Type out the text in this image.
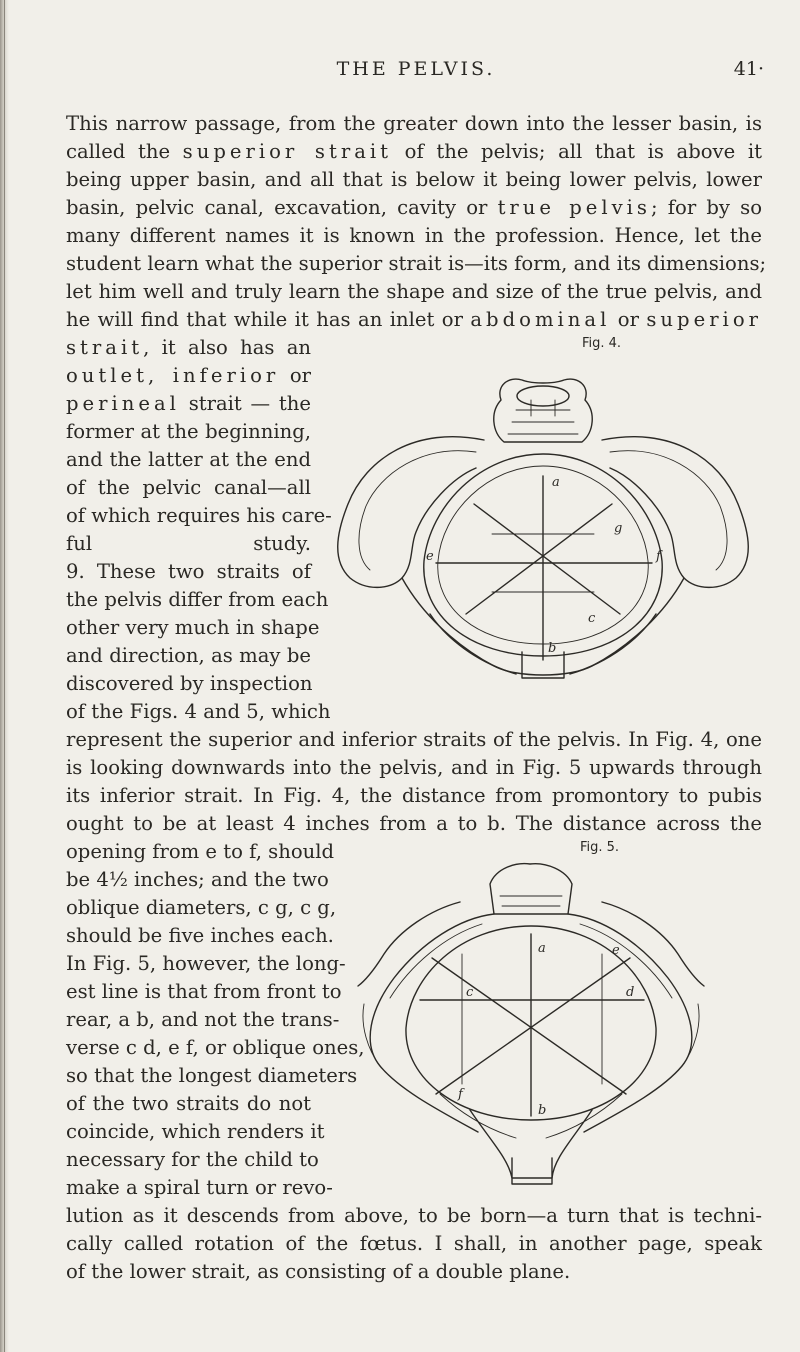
THE PELVIS.	41·
This narrow passage, from the greater down into the lesser basin, is
called the superior strait of the pelvis; all that is above it
being upper basin, and all that is below it being lower pelvis, lower
basin, pelvic canal, excavation, cavity or true pelvis; for by so
many different names it is known in the profession. Hence, let the
student learn what the superior strait is—its form, and its dimensions;
let him well and truly learn the shape and size of the true pelvis, and
he will find that while it has an inlet or abdominal or superior
strait, it also has an
outlet, inferior or
perineal strait — the
former at the beginning,
and the latter at the end
of the pelvic canal—all
of which requires his care-
ful study.
9. These two straits of
the pelvis differ from each
other very much in shape
and direction, as may be
discovered by inspection
of the Figs. 4 and 5, which
represent the superior and inferior straits of the pelvis. In Fig. 4, one
is looking downwards into the pelvis, and in Fig. 5 upwards through
its inferior strait. In Fig. 4, the distance from promontory to pubis
ought to be at least 4 inches from a to b. The distance across the
opening from e to f, should
be 4½ inches; and the two
oblique diameters, c g, c g,
should be five inches each.
In Fig. 5, however, the long-
est line is that from front to
rear, a b, and not the trans-
verse c d, e f, or oblique ones,
so that the longest diameters
of the two straits do not
coincide, which renders it
necessary for the child to
make a spiral turn or revo-
lution as it descends from above, to be born—a turn that is techni-
cally called rotation of the fœtus. I shall, in another page, speak
of the lower strait, as consisting of a double plane.
Fig. 4.
a
b
c
e	f
g
Fig. 5.
a
b
c	d
e
f
